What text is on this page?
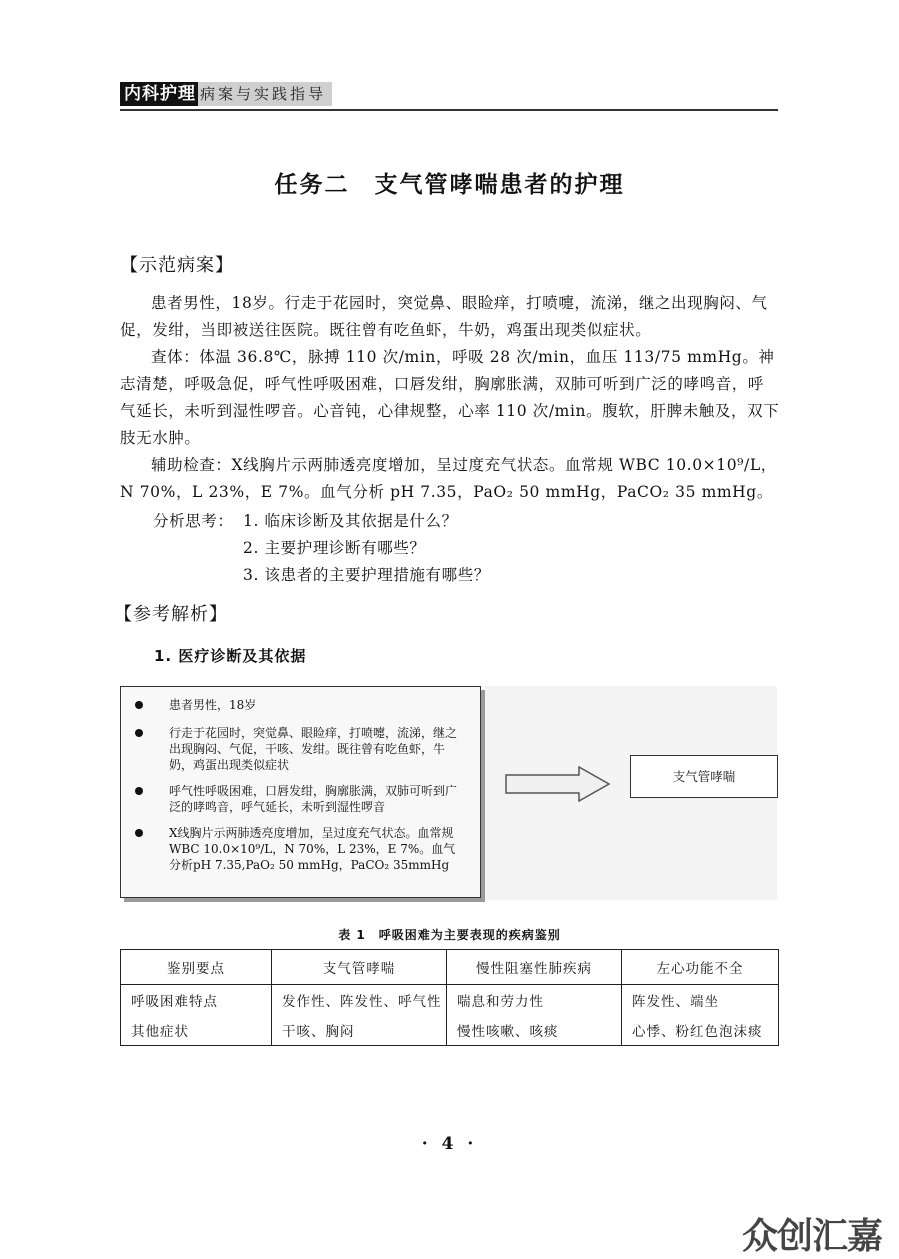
内科护理 病案与实践指导
任务二　支气管哮喘患者的护理
【示范病案】

患者男性，18岁。行走于花园时，突觉鼻、眼睑痒，打喷嚏，流涕，继之出现胸闷、气促，发绀，当即被送往医院。既往曾有吃鱼虾，牛奶，鸡蛋出现类似症状。

查体：体温 36.8℃，脉搏 110 次/min，呼吸 28 次/min，血压 113/75 mmHg。神志清楚，呼吸急促，呼气性呼吸困难，口唇发绀，胸廓胀满，双肺可听到广泛的哮鸣音，呼气延长，未听到湿性啰音。心音钝，心律规整，心率 110 次/min。腹软，肝脾未触及，双下肢无水肿。

辅助检查：X线胸片示两肺透亮度增加，呈过度充气状态。血常规 WBC 10.0×10⁹/L，N 70%，L 23%，E 7%。血气分析 pH 7.35，PaO₂ 50 mmHg，PaCO₂ 35 mmHg。

分析思考： 1. 临床诊断及其依据是什么？
2. 主要护理诊断有哪些？
3. 该患者的主要护理措施有哪些？
【参考解析】
1. 医疗诊断及其依据
患者男性，18岁
行走于花园时，突觉鼻、眼睑痒，打喷嚏，流涕，继之出现胸闷、气促，干咳、发绀。既往曾有吃鱼虾，牛奶，鸡蛋出现类似症状
呼气性呼吸困难，口唇发绀，胸廓胀满，双肺可听到广泛的哮鸣音，呼气延长，未听到湿性啰音
X线胸片示两肺透亮度增加，呈过度充气状态。血常规WBC 10.0×10⁹/L，N 70%，L 23%，E 7%。血气分析pH 7.35,PaO₂ 50 mmHg，PaCO₂ 35mmHg
支气管哮喘
表 1　呼吸困难为主要表现的疾病鉴别
鉴别要点	支气管哮喘	慢性阻塞性肺疾病	左心功能不全
呼吸困难特点	发作性、阵发性、呼气性	喘息和劳力性	阵发性、端坐
其他症状	干咳、胸闷	慢性咳嗽、咳痰	心悸、粉红色泡沫痰
· 4 ·
众创汇嘉
